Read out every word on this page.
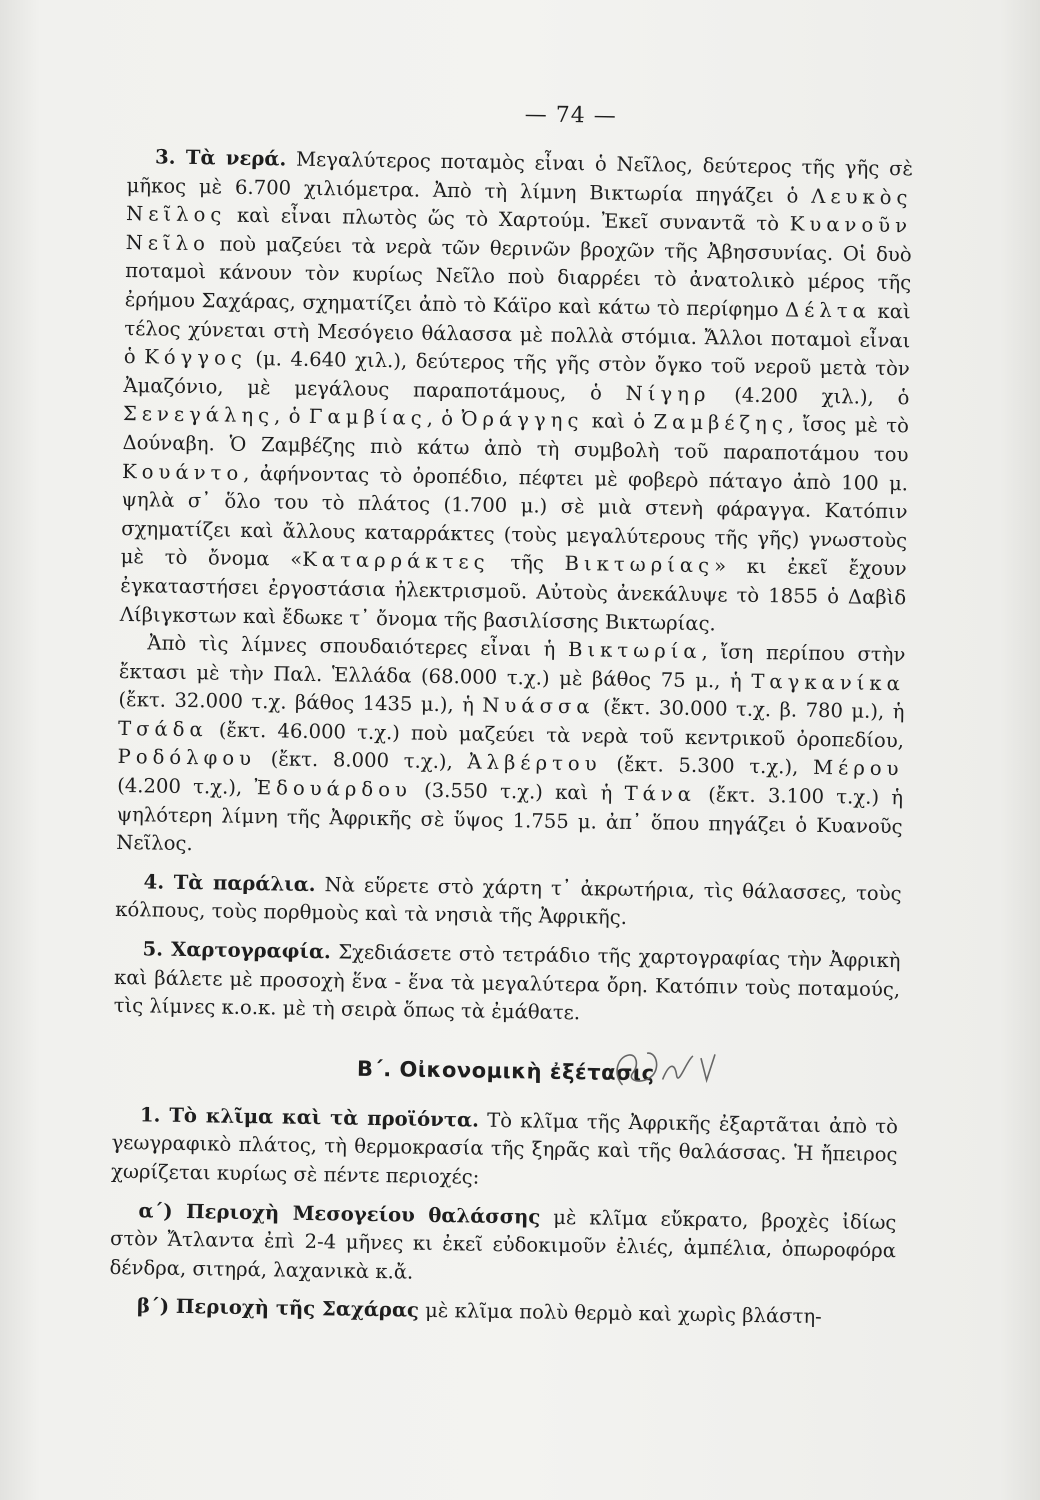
— 74 —

3. Τὰ νερά. Μεγαλύτερος ποταμὸς εἶναι ὁ Νεῖλος, δεύτερος τῆς γῆς σὲ μῆκος μὲ 6.700 χιλιόμετρα. Ἀπὸ τὴ λίμνη Βικτωρία πηγάζει ὁ Λευκὸς Νεῖλος καὶ εἶναι πλωτὸς ὥς τὸ Χαρτούμ. Ἐκεῖ συναντᾶ τὸ Κυανοῦν Νεῖλο ποὺ μαζεύει τὰ νερὰ τῶν θερινῶν βροχῶν τῆς Ἀβησσυνίας. Οἱ δυὸ ποταμοὶ κάνουν τὸν κυρίως Νεῖλο ποὺ διαρρέει τὸ ἀνατολικὸ μέρος τῆς ἐρήμου Σαχάρας, σχηματίζει ἀπὸ τὸ Κάϊρο καὶ κάτω τὸ περίφημο Δέλτα καὶ τέλος χύνεται στὴ Μεσόγειο θάλασσα μὲ πολλὰ στόμια. Ἄλλοι ποταμοὶ εἶναι ὁ Κόγγος (μ. 4.640 χιλ.), δεύτερος τῆς γῆς στὸν ὄγκο τοῦ νεροῦ μετὰ τὸν Ἀμαζόνιο, μὲ μεγάλους παραποτάμους, ὁ Νίγηρ (4.200 χιλ.), ὁ Σενεγάλης, ὁ Γαμβίας, ὁ Ὀράγγης καὶ ὁ Ζαμβέζης, ἴσος μὲ τὸ Δούναβη. Ὁ Ζαμβέζης πιὸ κάτω ἀπὸ τὴ συμβολὴ τοῦ παραποτάμου του Κουάντο, ἀφήνοντας τὸ ὀροπέδιο, πέφτει μὲ φοβερὸ πάταγο ἀπὸ 100 μ. ψηλὰ σ᾽ ὅλο του τὸ πλάτος (1.700 μ.) σὲ μιὰ στενὴ φάραγγα. Κατόπιν σχηματίζει καὶ ἄλλους καταρράκτες (τοὺς μεγαλύτερους τῆς γῆς) γνωστοὺς μὲ τὸ ὄνομα «Καταρράκτες τῆς Βικτωρίας» κι ἐκεῖ ἔχουν ἐγκαταστήσει ἐργοστάσια ἠλεκτρισμοῦ. Αὐτοὺς ἀνεκάλυψε τὸ 1855 ὁ Δαβὶδ Λίβιγκστων καὶ ἔδωκε τ᾽ ὄνομα τῆς βασιλίσσης Βικτωρίας.

Ἀπὸ τὶς λίμνες σπουδαιότερες εἶναι ἡ Βικτωρία, ἴση περίπου στὴν ἔκτασι μὲ τὴν Παλ. Ἑλλάδα (68.000 τ.χ.) μὲ βάθος 75 μ., ἡ Ταγκανίκα (ἔκτ. 32.000 τ.χ. βάθος 1435 μ.), ἡ Νυάσσα (ἔκτ. 30.000 τ.χ. β. 780 μ.), ἡ Τσάδα (ἔκτ. 46.000 τ.χ.) ποὺ μαζεύει τὰ νερὰ τοῦ κεντρικοῦ ὀροπεδίου, Ροδόλφου (ἔκτ. 8.000 τ.χ.), Ἀλβέρτου (ἔκτ. 5.300 τ.χ.), Μέρου (4.200 τ.χ.), Ἐδουάρδου (3.550 τ.χ.) καὶ ἡ Τάνα (ἔκτ. 3.100 τ.χ.) ἡ ψηλότερη λίμνη τῆς Ἀφρικῆς σὲ ὕψος 1.755 μ. ἀπ᾽ ὅπου πηγάζει ὁ Κυανοῦς Νεῖλος.

4. Τὰ παράλια. Νὰ εὕρετε στὸ χάρτη τ᾽ ἀκρωτήρια, τὶς θάλασσες, τοὺς κόλπους, τοὺς πορθμοὺς καὶ τὰ νησιὰ τῆς Ἀφρικῆς.

5. Χαρτογραφία. Σχεδιάσετε στὸ τετράδιο τῆς χαρτογραφίας τὴν Ἀφρικὴ καὶ βάλετε μὲ προσοχὴ ἕνα - ἕνα τὰ μεγαλύτερα ὄρη. Κατόπιν τοὺς ποταμούς, τὶς λίμνες κ.ο.κ. μὲ τὴ σειρὰ ὅπως τὰ ἐμάθατε.

Β΄. Οἰκονομικὴ ἐξέτασις

1. Τὸ κλῖμα καὶ τὰ προϊόντα. Τὸ κλῖμα τῆς Ἀφρικῆς ἐξαρτᾶται ἀπὸ τὸ γεωγραφικὸ πλάτος, τὴ θερμοκρασία τῆς ξηρᾶς καὶ τῆς θαλάσσας. Ἡ ἤπειρος χωρίζεται κυρίως σὲ πέντε περιοχές:

α΄) Περιοχὴ Μεσογείου θαλάσσης μὲ κλῖμα εὔκρατο, βροχὲς ἰδίως στὸν Ἄτλαντα ἐπὶ 2-4 μῆνες κι ἐκεῖ εὐδοκιμοῦν ἐλιές, ἀμπέλια, ὀπωροφόρα δένδρα, σιτηρά, λαχανικὰ κ.ἄ.

β΄) Περιοχὴ τῆς Σαχάρας μὲ κλῖμα πολὺ θερμὸ καὶ χωρὶς βλάστη-
